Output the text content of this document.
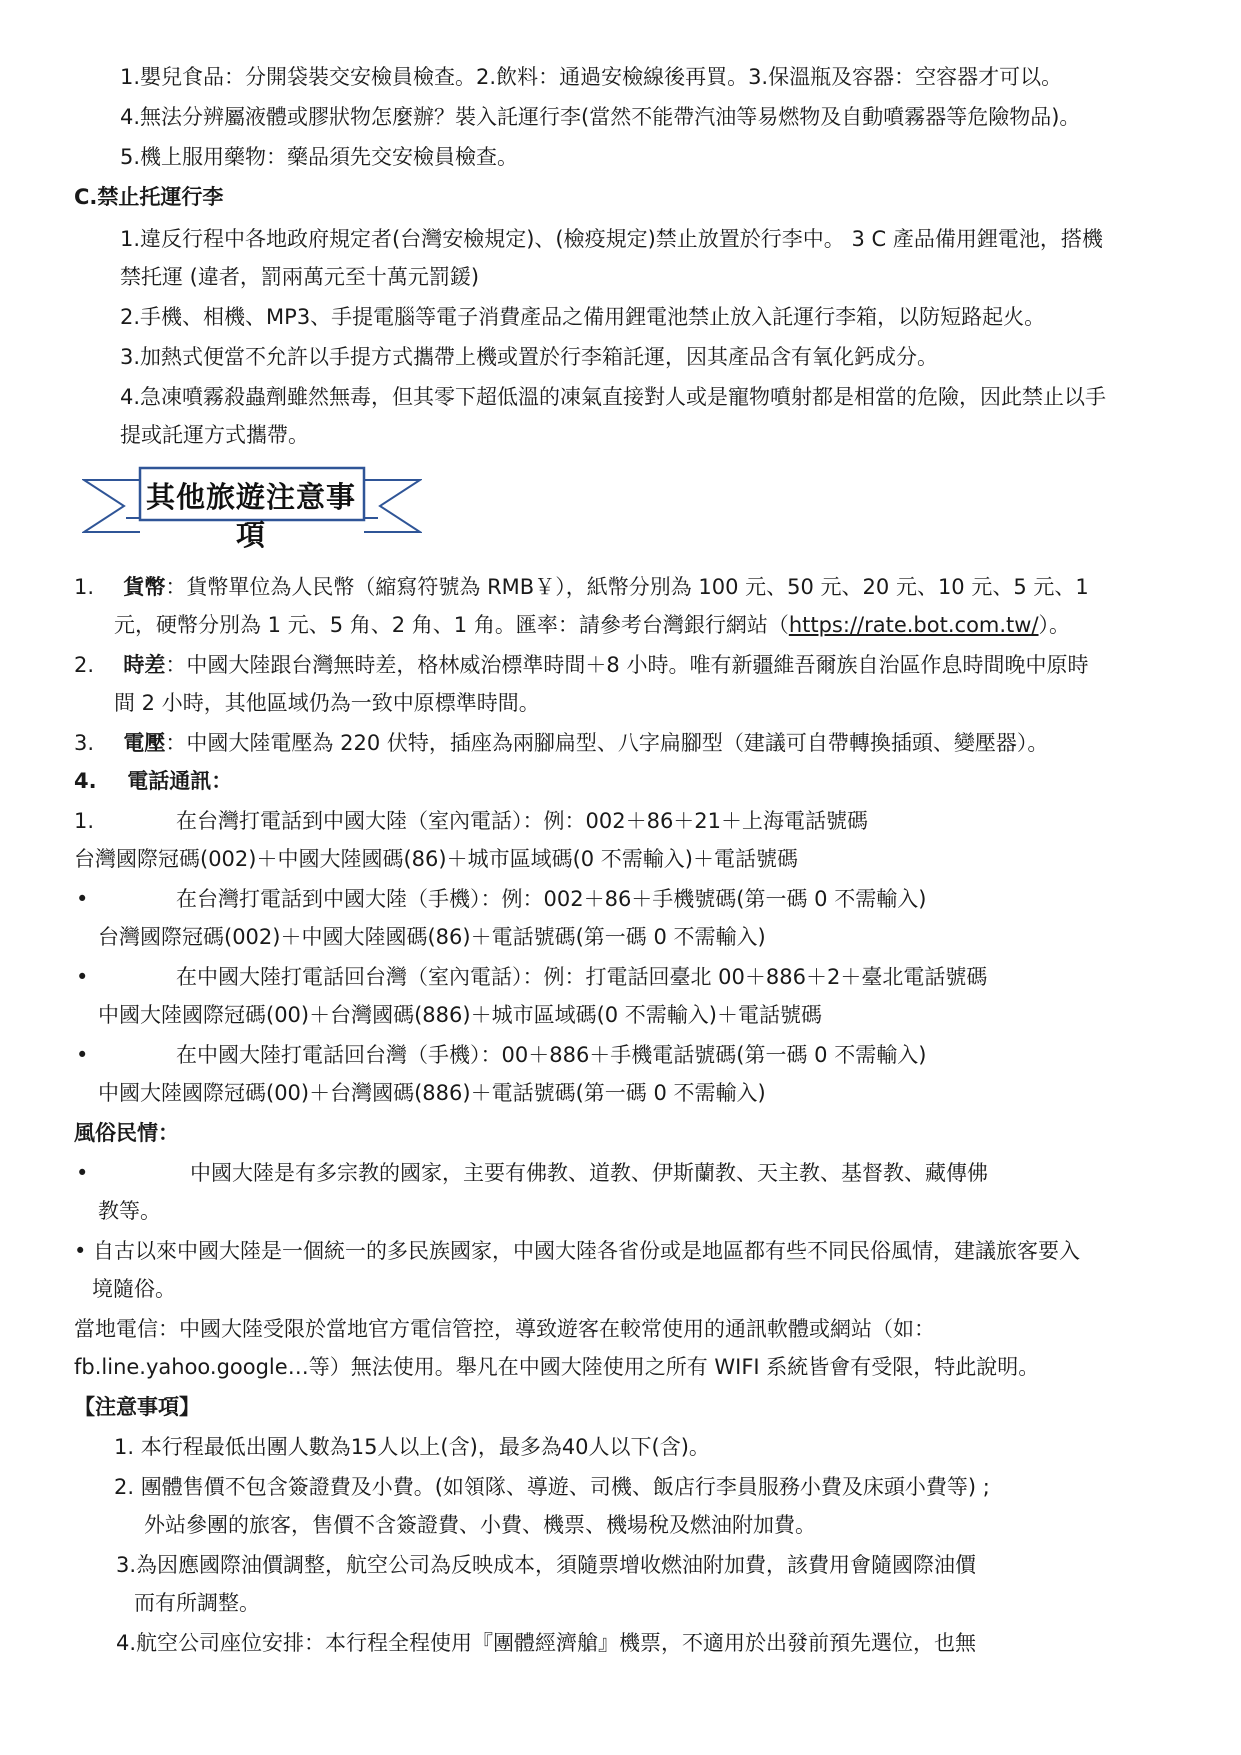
1.嬰兒食品：分開袋裝交安檢員檢查。2.飲料：通過安檢線後再買。3.保溫瓶及容器：空容器才可以。
4.無法分辨屬液體或膠狀物怎麼辦？裝入託運行李(當然不能帶汽油等易燃物及自動噴霧器等危險物品)。
5.機上服用藥物：藥品須先交安檢員檢查。
C.禁止托運行李
1.違反行程中各地政府規定者(台灣安檢規定)、(檢疫規定)禁止放置於行李中。 3 C 產品備用鋰電池，搭機
禁托運 (違者，罰兩萬元至十萬元罰鍰)
2.手機、相機、MP3、手提電腦等電子消費產品之備用鋰電池禁止放入託運行李箱，以防短路起火。
3.加熱式便當不允許以手提方式攜帶上機或置於行李箱託運，因其產品含有氧化鈣成分。
4.急凍噴霧殺蟲劑雖然無毒，但其零下超低溫的凍氣直接對人或是寵物噴射都是相當的危險，因此禁止以手
提或託運方式攜帶。
其他旅遊注意事項
1. 貨幣：貨幣單位為人民幣（縮寫符號為 RMB￥），紙幣分別為 100 元、50 元、20 元、10 元、5 元、1
元，硬幣分別為 1 元、5 角、2 角、1 角。匯率：請參考台灣銀行網站（https://rate.bot.com.tw/）。
2. 時差：中國大陸跟台灣無時差，格林威治標準時間＋8 小時。唯有新疆維吾爾族自治區作息時間晚中原時
間 2 小時，其他區域仍為一致中原標準時間。
3. 電壓：中國大陸電壓為 220 伏特，插座為兩腳扁型、八字扁腳型（建議可自帶轉換插頭、變壓器）。
4. 電話通訊：
1.	在台灣打電話到中國大陸（室內電話）：例：002＋86＋21＋上海電話號碼
台灣國際冠碼(002)＋中國大陸國碼(86)＋城市區域碼(0 不需輸入)＋電話號碼
•	在台灣打電話到中國大陸（手機）：例：002＋86＋手機號碼(第一碼 0 不需輸入)
台灣國際冠碼(002)＋中國大陸國碼(86)＋電話號碼(第一碼 0 不需輸入)
•	在中國大陸打電話回台灣（室內電話）：例：打電話回臺北 00＋886＋2＋臺北電話號碼
中國大陸國際冠碼(00)＋台灣國碼(886)＋城市區域碼(0 不需輸入)＋電話號碼
•	在中國大陸打電話回台灣（手機）：00＋886＋手機電話號碼(第一碼 0 不需輸入)
中國大陸國際冠碼(00)＋台灣國碼(886)＋電話號碼(第一碼 0 不需輸入)
風俗民情：
•	中國大陸是有多宗教的國家，主要有佛教、道教、伊斯蘭教、天主教、基督教、藏傳佛
教等。
• 自古以來中國大陸是一個統一的多民族國家，中國大陸各省份或是地區都有些不同民俗風情，建議旅客要入
境隨俗。
當地電信：中國大陸受限於當地官方電信管控，導致遊客在較常使用的通訊軟體或網站（如：
fb.line.yahoo.google…等）無法使用。舉凡在中國大陸使用之所有 WIFI 系統皆會有受限，特此說明。
【注意事項】
1. 本行程最低出團人數為15人以上(含)，最多為40人以下(含)。
2. 團體售價不包含簽證費及小費。(如領隊、導遊、司機、飯店行李員服務小費及床頭小費等) ;
外站參團的旅客，售價不含簽證費、小費、機票、機場稅及燃油附加費。
3.為因應國際油價調整，航空公司為反映成本，須隨票增收燃油附加費，該費用會隨國際油價
而有所調整。
4.航空公司座位安排：本行程全程使用『團體經濟艙』機票，不適用於出發前預先選位，也無
